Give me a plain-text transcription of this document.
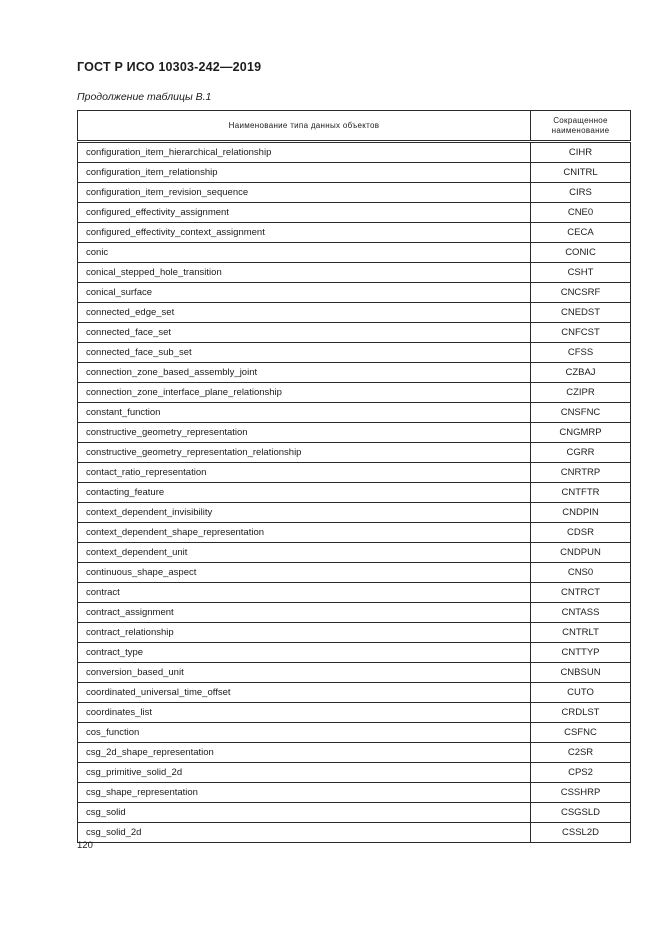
ГОСТ Р ИСО 10303-242—2019
Продолжение таблицы В.1
Наименование типа данных объектов	Сокращенное наименование
configuration_item_hierarchical_relationship	CIHR
configuration_item_relationship	CNITRL
configuration_item_revision_sequence	CIRS
configured_effectivity_assignment	CNE0
configured_effectivity_context_assignment	CECA
conic	CONIC
conical_stepped_hole_transition	CSHT
conical_surface	CNCSRF
connected_edge_set	CNEDST
connected_face_set	CNFCST
connected_face_sub_set	CFSS
connection_zone_based_assembly_joint	CZBAJ
connection_zone_interface_plane_relationship	CZIPR
constant_function	CNSFNC
constructive_geometry_representation	CNGMRP
constructive_geometry_representation_relationship	CGRR
contact_ratio_representation	CNRTRP
contacting_feature	CNTFTR
context_dependent_invisibility	CNDPIN
context_dependent_shape_representation	CDSR
context_dependent_unit	CNDPUN
continuous_shape_aspect	CNS0
contract	CNTRCT
contract_assignment	CNTASS
contract_relationship	CNTRLT
contract_type	CNTTYP
conversion_based_unit	CNBSUN
coordinated_universal_time_offset	CUTO
coordinates_list	CRDLST
cos_function	CSFNC
csg_2d_shape_representation	C2SR
csg_primitive_solid_2d	CPS2
csg_shape_representation	CSSHRP
csg_solid	CSGSLD
csg_solid_2d	CSSL2D
120
